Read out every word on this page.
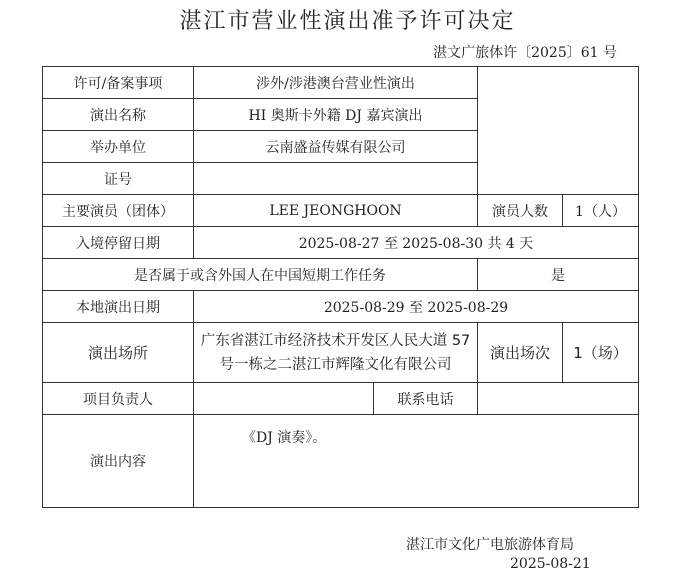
湛江市营业性演出准予许可决定
湛文广旅体许〔2025〕61 号
许可/备案事项	涉外/涉港澳台营业性演出			
演出名称	HI 奥斯卡外籍 DJ 嘉宾演出			
举办单位	云南盛益传媒有限公司			
证号				
主要演员（团体）	LEE JEONGHOON		演员人数	1（人）
入境停留日期	2025-08-27 至 2025-08-30 共 4 天			
是否属于或含外国人在中国短期工作任务			是	
本地演出日期	2025-08-29 至 2025-08-29			
演出场所	广东省湛江市经济技术开发区人民大道 57 号一栋之二湛江市辉隆文化有限公司		演出场次	1（场）
项目负责人		联系电话		
演出内容	《DJ 演奏》。			
湛江市文化广电旅游体育局
2025-08-21
